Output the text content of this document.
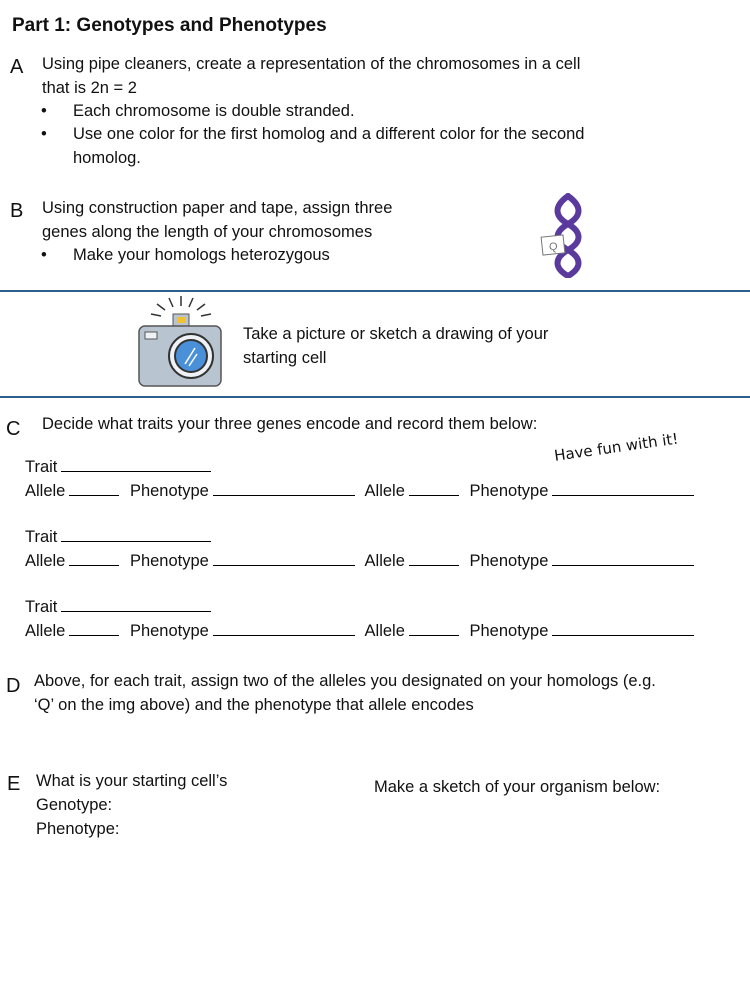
Part 1: Genotypes and Phenotypes
A Using pipe cleaners, create a representation of the chromosomes in a cell
that is 2n = 2
• Each chromosome is double stranded.
• Use one color for the first homolog and a different color for the second
homolog.
B Using construction paper and tape, assign three
genes along the length of your chromosomes
• Make your homologs heterozygous	Q
Take a picture or sketch a drawing of your
starting cell
C Decide what traits your three genes encode and record them below:
Have fun with it!
Trait
Allele	Phenotype	Allele	Phenotype
Trait
Allele	Phenotype	Allele	Phenotype
Trait
Allele	Phenotype	Allele	Phenotype
D Above, for each trait, assign two of the alleles you designated on your homologs (e.g.
‘Q’ on the img above) and the phenotype that allele encodes
E What is your starting cell’s
Genotype:
Phenotype:
Make a sketch of your organism below:
